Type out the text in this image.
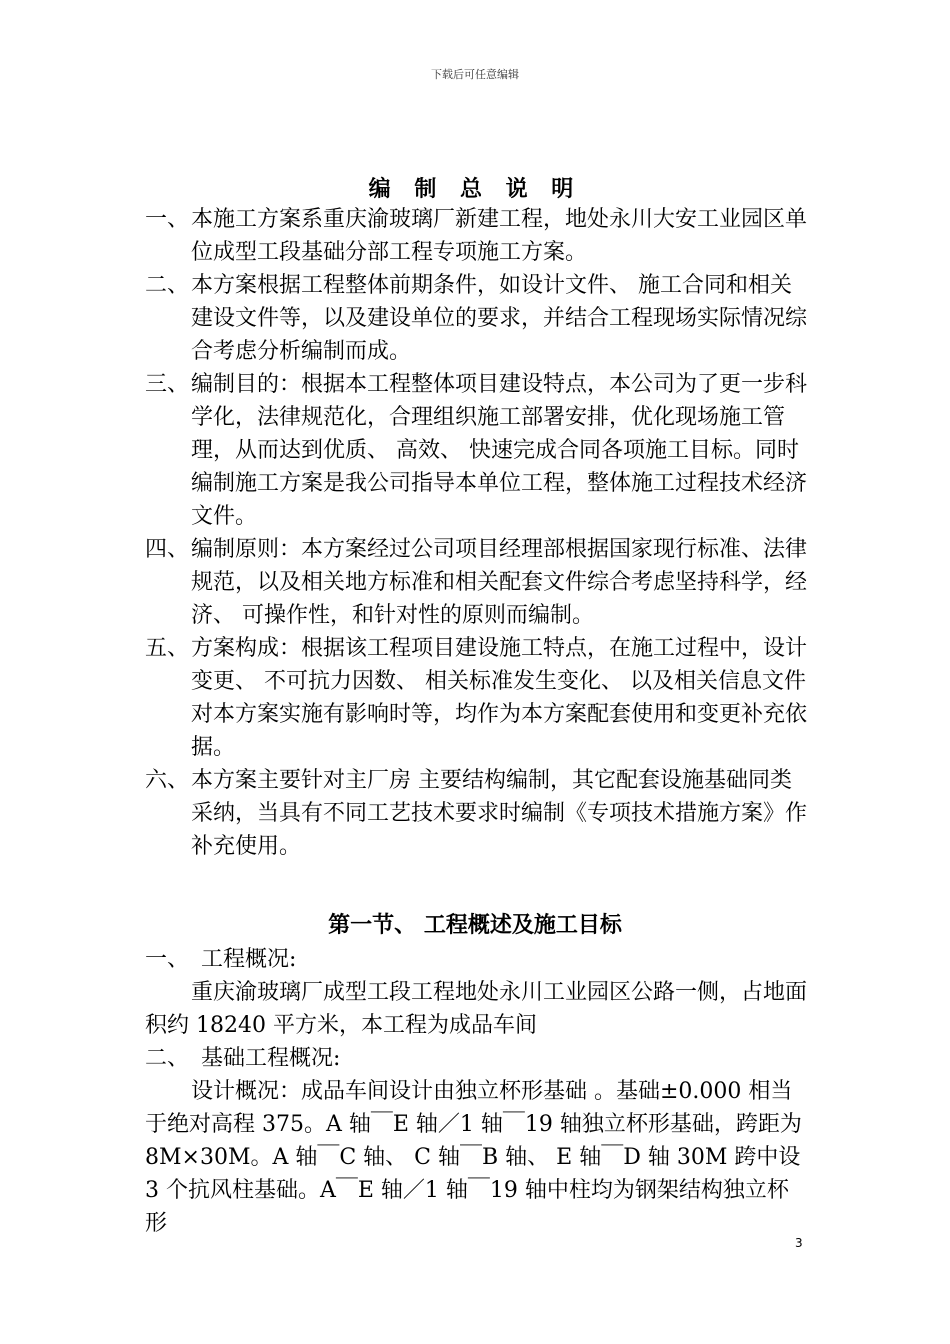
下载后可任意编辑
编 制 总 说 明
一、 本施工方案系重庆渝玻璃厂新建工程，地处永川大安工业园区单位成型工段基础分部工程专项施工方案。
二、 本方案根据工程整体前期条件，如设计文件、 施工合同和相关建设文件等，以及建设单位的要求，并结合工程现场实际情况综合考虑分析编制而成。
三、 编制目的：根据本工程整体项目建设特点，本公司为了更一步科学化，法律规范化，合理组织施工部署安排，优化现场施工管理，从而达到优质、 高效、 快速完成合同各项施工目标。同时编制施工方案是我公司指导本单位工程，整体施工过程技术经济文件。
四、 编制原则：本方案经过公司项目经理部根据国家现行标准、法律规范，以及相关地方标准和相关配套文件综合考虑坚持科学，经济、 可操作性，和针对性的原则而编制。
五、 方案构成：根据该工程项目建设施工特点，在施工过程中，设计变更、 不可抗力因数、 相关标准发生变化、 以及相关信息文件对本方案实施有影响时等，均作为本方案配套使用和变更补充依据。
六、 本方案主要针对主厂房 主要结构编制，其它配套设施基础同类采纳，当具有不同工艺技术要求时编制《专项技术措施方案》作补充使用。
第一节、 工程概述及施工目标
一、 工程概况:
重庆渝玻璃厂成型工段工程地处永川工业园区公路一侧，占地面积约 18240 平方米，本工程为成品车间
二、 基础工程概况:
设计概况：成品车间设计由独立杯形基础 。基础±0.000 相当于绝对高程 375。A 轴￣E 轴／1 轴￣19 轴独立杯形基础，跨距为 8M×30M。A 轴￣C 轴、 C 轴￣B 轴、 E 轴￣D 轴 30M 跨中设 3 个抗风柱基础。A￣E 轴／1 轴￣19 轴中柱均为钢架结构独立杯形
3
